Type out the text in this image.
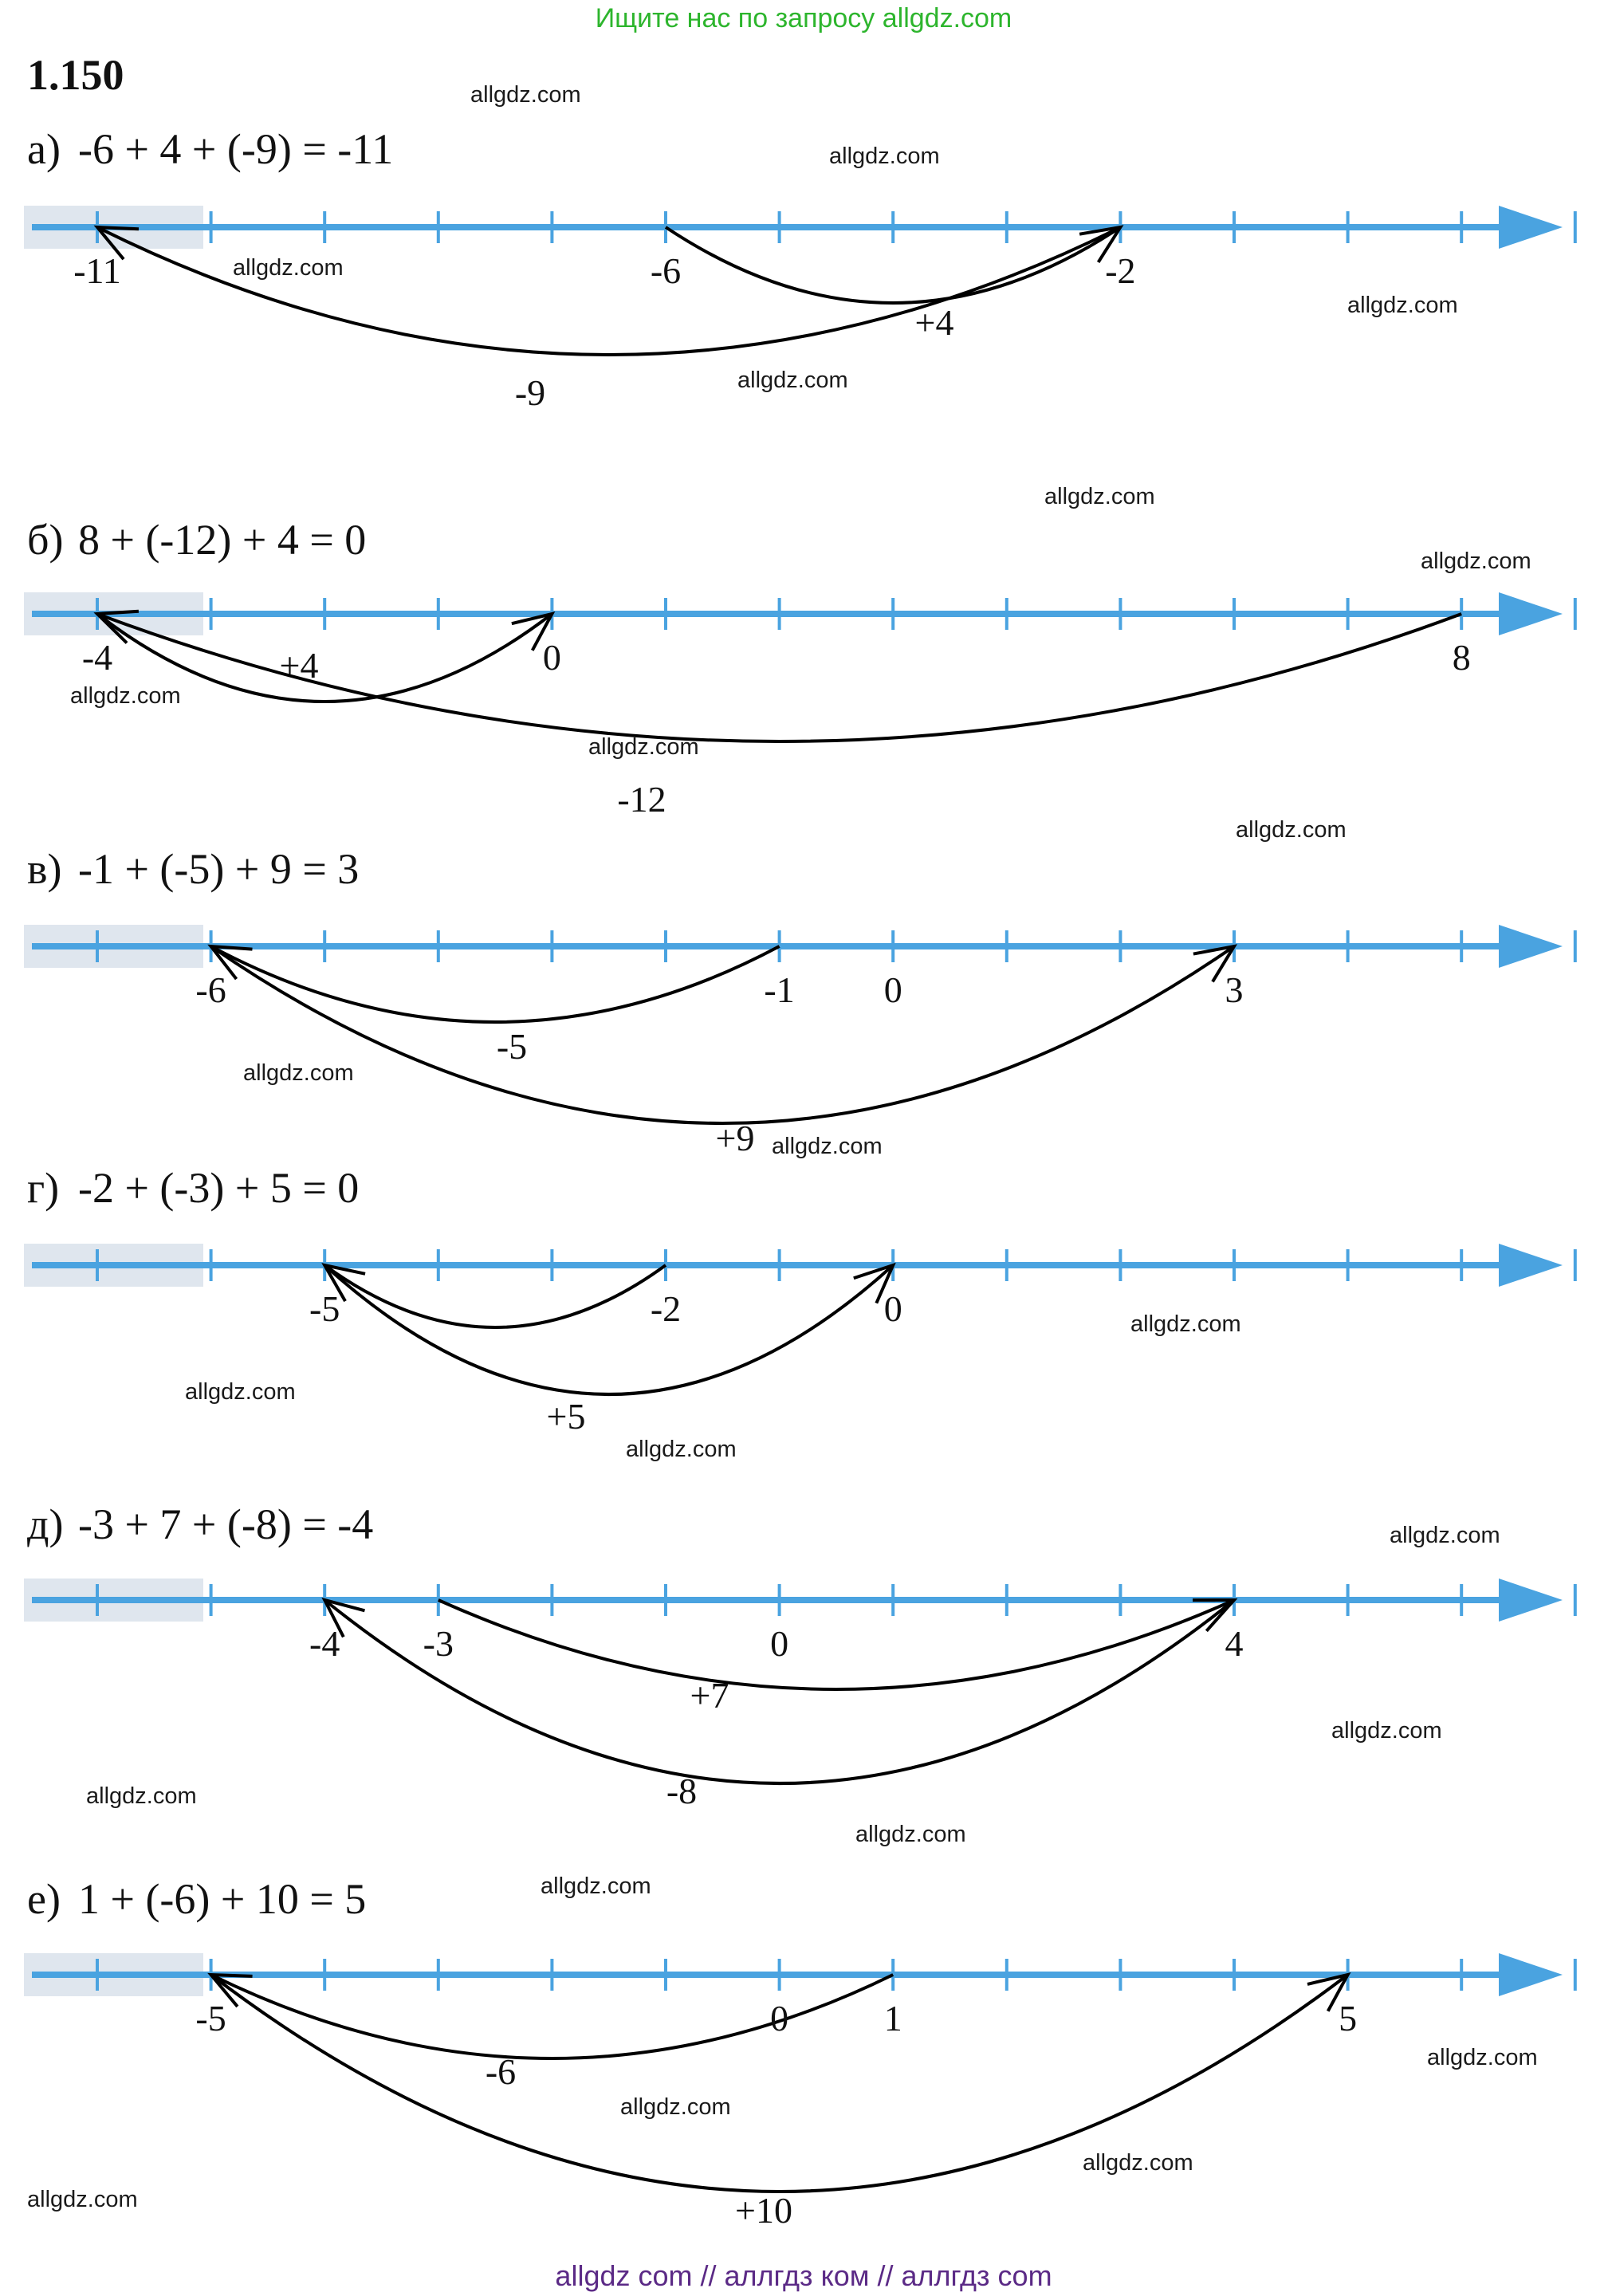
Ищите нас по запросу allgdz.com
1.150
а) -6 + 4 + (-9) = -11
-11	-6	-2
+4
-9
б) 8 + (-12) + 4 = 0
-4	0	8
-12
+4
в) -1 + (-5) + 9 = 3
-6	-1 0	3
-5
+9
г) -2 + (-3) + 5 = 0
-5	-2	0
+5
д) -3 + 7 + (-8) = -4
-4 -3	0	4
+7
-8
е) 1 + (-6) + 10 = 5
-5	0	1	5
-6
+10
allgdz.com
allgdz.com
allgdz.com
allgdz.com
allgdz.com
allgdz.com
allgdz.com
allgdz.com
allgdz.com
allgdz.com
allgdz.com
allgdz.com
allgdz.com
allgdz.com
allgdz.com
allgdz.com
allgdz.com
allgdz.com
allgdz.com
allgdz.com
allgdz.com
allgdz.com
allgdz.com
allgdz.com
allgdz com // аллгдз ком // аллгдз com
